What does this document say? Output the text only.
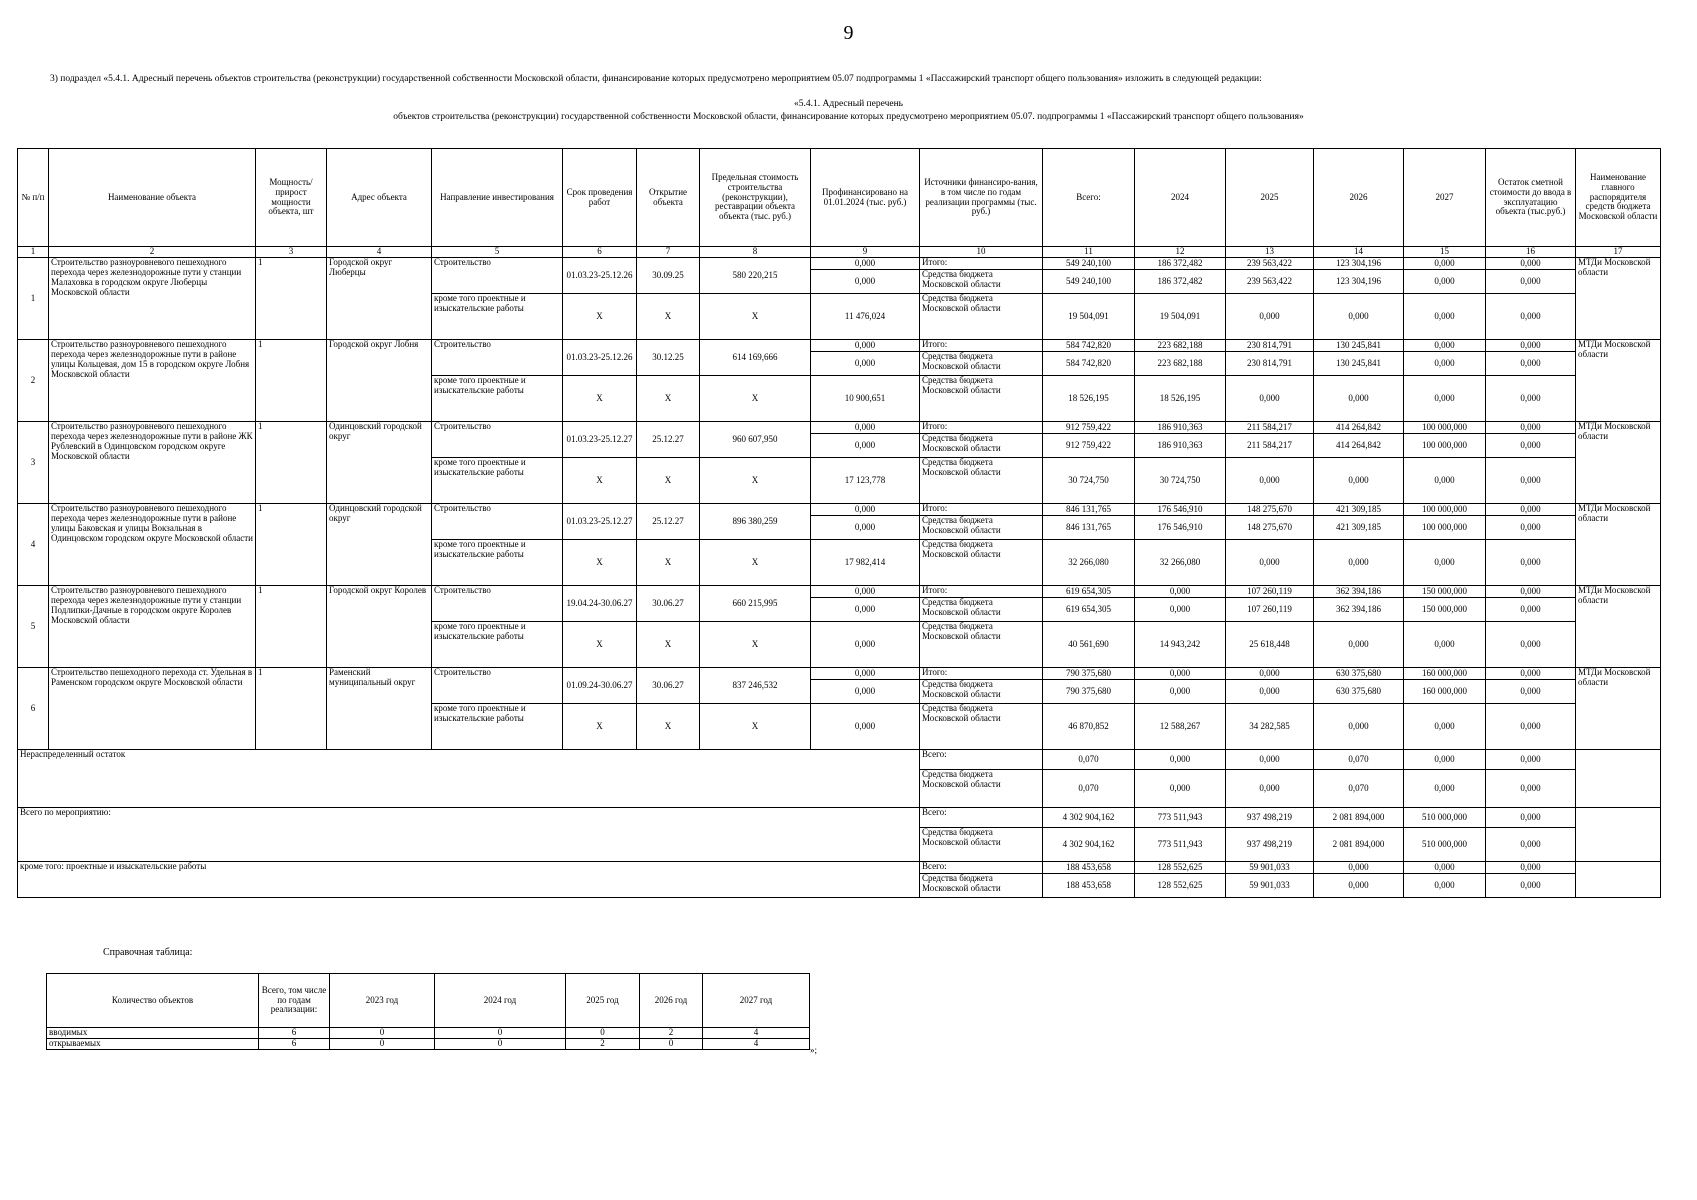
9
3) подраздел «5.4.1. Адресный перечень объектов строительства (реконструкции) государственной собственности Московской области, финансирование которых предусмотрено мероприятием 05.07 подпрограммы 1 «Пассажирский транспорт общего пользования» изложить в следующей редакции:
«5.4.1. Адресный перечень
объектов строительства (реконструкции) государственной собственности Московской области, финансирование которых предусмотрено мероприятием 05.07. подпрограммы 1 «Пассажирский транспорт общего пользования»
№ п/п	Наименование объекта	Мощность/ прирост мощности объекта, шт	Адрес объекта	Направление инвестирования	Срок проведения работ	Открытие объекта	Предельная стоимость строительства (реконструкции), реставрации объекта объекта (тыс. руб.)	Профинансировано на 01.01.2024 (тыс. руб.)	Источники финансиро-вания, в том числе по годам реализации программы (тыс. руб.)	Всего:	2024	2025	2026	2027	Остаток сметной стоимости до ввода в эксплуатацию объекта (тыс.руб.)	Наименование главного распорядителя средств бюджета Московской области
1	2	3	4	5	6	7	8	9	10	11	12	13	14	15	16	17
1	Строительство разноуровневого пешеходного перехода через железнодорожные пути у станции Малаховка в городском округе Люберцы Московской области	1	Городской округ Люберцы	Строительство	01.03.23-25.12.26	30.09.25	580 220,215	0,000	Итого:	549 240,100	186 372,482	239 563,422	123 304,196	0,000	0,000	МТДи Московской области
								0,000	Средства бюджета Московской области	549 240,100	186 372,482	239 563,422	123 304,196	0,000	0,000	
				кроме того проектные и изыскательские работы	X	X	X	11 476,024	Средства бюджета Московской области	19 504,091	19 504,091	0,000	0,000	0,000	0,000	
2	Строительство разноуровневого пешеходного перехода через железнодорожные пути в районе улицы Кольцевая, дом 15 в городском округе Лобня Московской области	1	Городской округ Лобня	Строительство	01.03.23-25.12.26	30.12.25	614 169,666	0,000	Итого:	584 742,820	223 682,188	230 814,791	130 245,841	0,000	0,000	МТДи Московской области
								0,000	Средства бюджета Московской области	584 742,820	223 682,188	230 814,791	130 245,841	0,000	0,000	
				кроме того проектные и изыскательские работы	X	X	X	10 900,651	Средства бюджета Московской области	18 526,195	18 526,195	0,000	0,000	0,000	0,000	
3	Строительство разноуровневого пешеходного перехода через железнодорожные пути в районе ЖК Рублевский в Одинцовском городском округе Московской области	1	Одинцовский городской округ	Строительство	01.03.23-25.12.27	25.12.27	960 607,950	0,000	Итого:	912 759,422	186 910,363	211 584,217	414 264,842	100 000,000	0,000	МТДи Московской области
								0,000	Средства бюджета Московской области	912 759,422	186 910,363	211 584,217	414 264,842	100 000,000	0,000	
				кроме того проектные и изыскательские работы	X	X	X	17 123,778	Средства бюджета Московской области	30 724,750	30 724,750	0,000	0,000	0,000	0,000	
4	Строительство разноуровневого пешеходного перехода через железнодорожные пути в районе улицы Баковская и улицы Вокзальная в Одинцовском городском округе Московской области	1	Одинцовский городской округ	Строительство	01.03.23-25.12.27	25.12.27	896 380,259	0,000	Итого:	846 131,765	176 546,910	148 275,670	421 309,185	100 000,000	0,000	МТДи Московской области
								0,000	Средства бюджета Московской области	846 131,765	176 546,910	148 275,670	421 309,185	100 000,000	0,000	
				кроме того проектные и изыскательские работы	X	X	X	17 982,414	Средства бюджета Московской области	32 266,080	32 266,080	0,000	0,000	0,000	0,000	
5	Строительство разноуровневого пешеходного перехода через железнодорожные пути у станции Подлипки-Дачные в городском округе Королев Московской области	1	Городской округ Королев	Строительство	19.04.24-30.06.27	30.06.27	660 215,995	0,000	Итого:	619 654,305	0,000	107 260,119	362 394,186	150 000,000	0,000	МТДи Московской области
								0,000	Средства бюджета Московской области	619 654,305	0,000	107 260,119	362 394,186	150 000,000	0,000	
				кроме того проектные и изыскательские работы	X	X	X	0,000	Средства бюджета Московской области	40 561,690	14 943,242	25 618,448	0,000	0,000	0,000	
6	Строительство пешеходного перехода ст. Удельная в Раменском городском округе Московской области	1	Раменский муниципальный округ	Строительство	01.09.24-30.06.27	30.06.27	837 246,532	0,000	Итого:	790 375,680	0,000	0,000	630 375,680	160 000,000	0,000	МТДи Московской области
								0,000	Средства бюджета Московской области	790 375,680	0,000	0,000	630 375,680	160 000,000	0,000	
				кроме того проектные и изыскательские работы	X	X	X	0,000	Средства бюджета Московской области	46 870,852	12 588,267	34 282,585	0,000	0,000	0,000	
Нераспределенный остаток									Всего:	0,070	0,000	0,000	0,070	0,000	0,000	
									Средства бюджета Московской области	0,070	0,000	0,000	0,070	0,000	0,000	
Всего по мероприятию:									Всего:	4 302 904,162	773 511,943	937 498,219	2 081 894,000	510 000,000	0,000	
									Средства бюджета Московской области	4 302 904,162	773 511,943	937 498,219	2 081 894,000	510 000,000	0,000	
кроме того: проектные и изыскательские работы									Всего:	188 453,658	128 552,625	59 901,033	0,000	0,000	0,000	
									Средства бюджета Московской области	188 453,658	128 552,625	59 901,033	0,000	0,000	0,000	
Справочная таблица:
Количество объектов	Всего, том числе по годам реализации:	2023 год	2024 год	2025 год	2026 год	2027 год
вводимых	6	0	0	0	2	4
открываемых	6	0	0	2	0	4
»;
